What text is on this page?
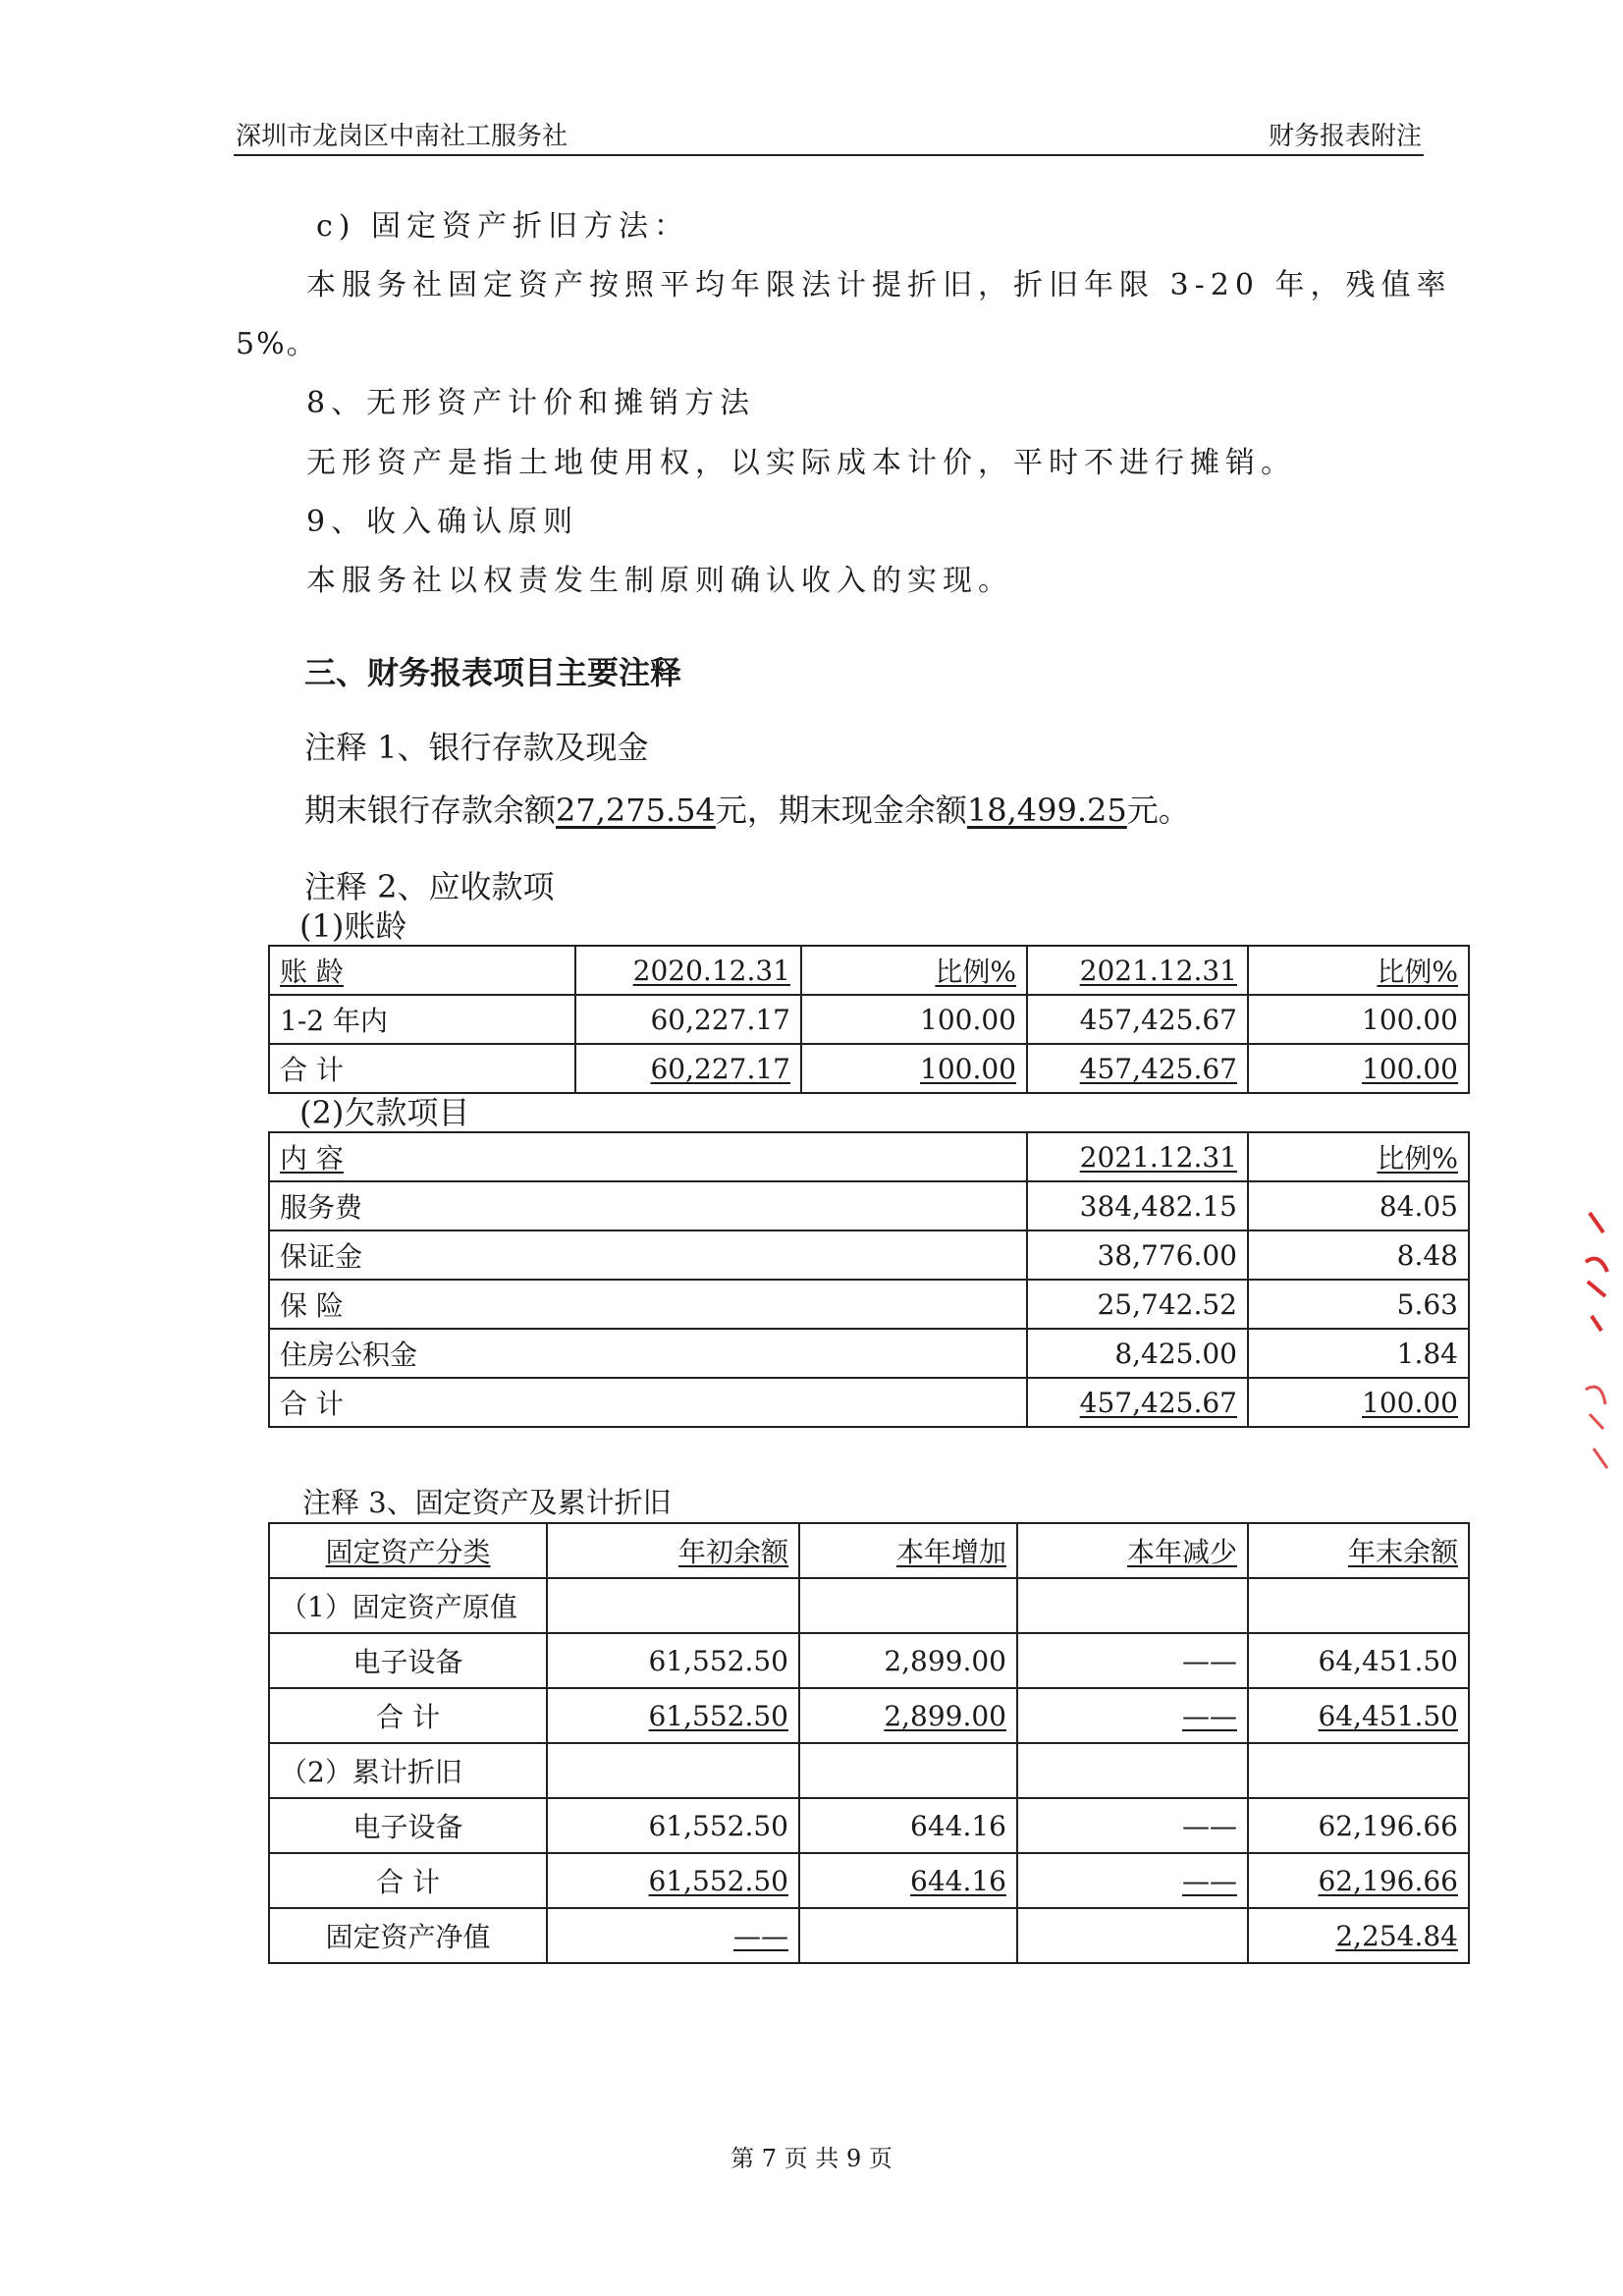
深圳市龙岗区中南社工服务社	财务报表附注
c) 固定资产折旧方法：
本服务社固定资产按照平均年限法计提折旧，折旧年限 3-20 年，残值率
5%。
8、无形资产计价和摊销方法
无形资产是指土地使用权，以实际成本计价，平时不进行摊销。
9、收入确认原则
本服务社以权责发生制原则确认收入的实现。
三、财务报表项目主要注释
注释 1、银行存款及现金
期末银行存款余额27,275.54元，期末现金余额18,499.25元。
注释 2、应收款项
(1)账龄
账 龄	2020.12.31	比例%	2021.12.31	比例%
1-2 年内	60,227.17	100.00	457,425.67	100.00
合 计	60,227.17	100.00	457,425.67	100.00
(2)欠款项目
内 容	2021.12.31	比例%
服务费	384,482.15	84.05
保证金	38,776.00	8.48
保 险	25,742.52	5.63
住房公积金	8,425.00	1.84
合 计	457,425.67	100.00
注释 3、固定资产及累计折旧
固定资产分类	年初余额	本年增加	本年减少	年末余额
（1）固定资产原值				
电子设备	61,552.50	2,899.00	——	64,451.50
合 计	61,552.50	2,899.00	——	64,451.50
（2）累计折旧				
电子设备	61,552.50	644.16	——	62,196.66
合 计	61,552.50	644.16	——	62,196.66
固定资产净值	——			2,254.84
第 7 页 共 9 页
